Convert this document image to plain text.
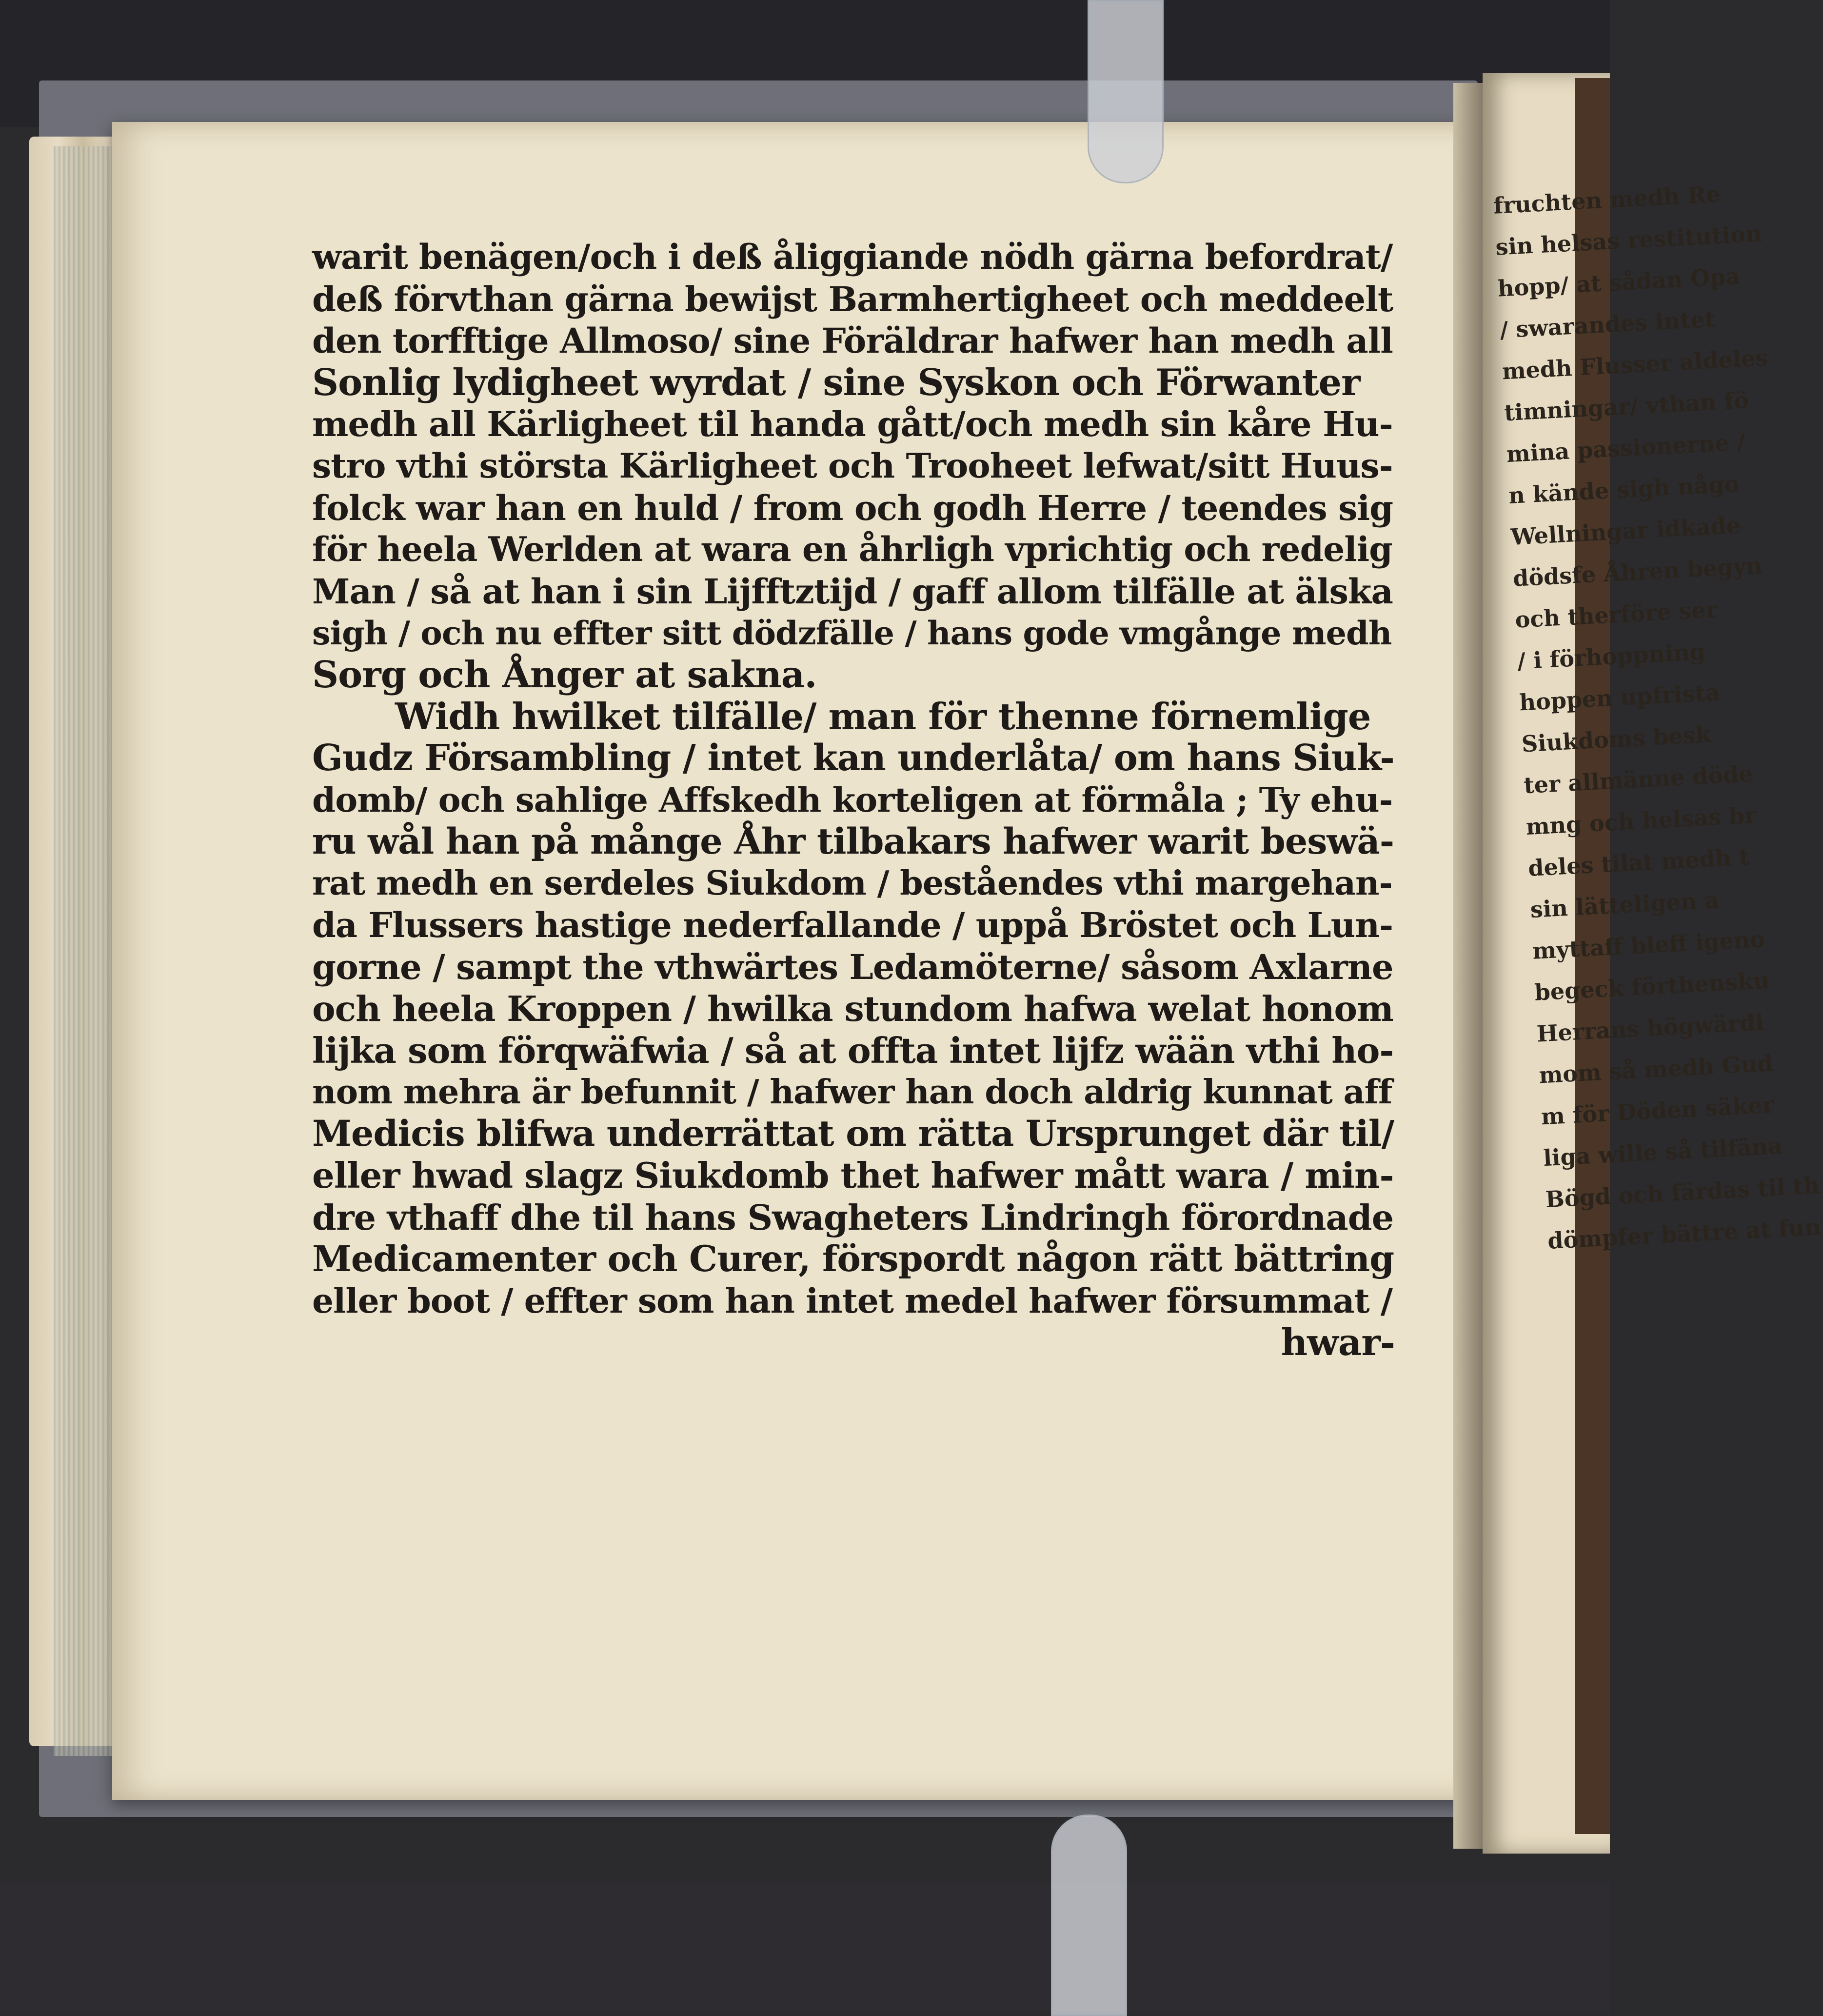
fruchten medh Re
sin helsas restitution
hopp/ at sådan Opa
/ swarandes intet
medh Flusser aldeles
timningar/ vthan fö
mina passionerne /
n kände sigh någo
Wellningar idkade
dödsfe Åhren begyn
och therföre ser
/ i förhoppning
hoppen upfrista
Siukdoms besk
ter allmänne döde
mng och helsas br
deles tilat medh t
sin lätteligen a
myttaff bleff igeno
begeck förthensku
Herrans högwärdi
mom så medh Gud
m för Döden säker
liga wille så tilfäna
Bögd och färdas til th
dömpfer bättre at fun
warit benägen/och i deß åliggiande nödh gärna befordrat/
deß förvthan gärna bewijst Barmhertigheet och meddeelt
den torfftige Allmoso/ sine Föräldrar hafwer han medh all
Sonlig lydigheet wyrdat / sine Syskon och Förwanter
medh all Kärligheet til handa gått/och medh sin kåre Hu-
stro vthi största Kärligheet och Trooheet lefwat/sitt Huus-
folck war han en huld / from och godh Herre / teendes sig
för heela Werlden at wara en åhrligh vprichtig och redelig
Man / så at han i sin Lijfftztijd / gaff allom tilfälle at älska
sigh / och nu effter sitt dödzfälle / hans gode vmgånge medh
Sorg och Ånger at sakna.
Widh hwilket tilfälle/ man för thenne förnemlige
Gudz Försambling / intet kan underlåta/ om hans Siuk-
domb/ och sahlige Affskedh korteligen at förmåla ; Ty ehu-
ru wål han på månge Åhr tilbakars hafwer warit beswä-
rat medh en serdeles Siukdom / beståendes vthi margehan-
da Flussers hastige nederfallande / uppå Bröstet och Lun-
gorne / sampt the vthwärtes Ledamöterne/ såsom Axlarne
och heela Kroppen / hwilka stundom hafwa welat honom
lijka som förqwäfwia / så at offta intet lijfz wään vthi ho-
nom mehra är befunnit / hafwer han doch aldrig kunnat aff
Medicis blifwa underrättat om rätta Ursprunget där til/
eller hwad slagz Siukdomb thet hafwer mått wara / min-
dre vthaff dhe til hans Swagheters Lindringh förordnade
Medicamenter och Curer, förspordt någon rätt bättring
eller boot / effter som han intet medel hafwer försummat /
hwar-
